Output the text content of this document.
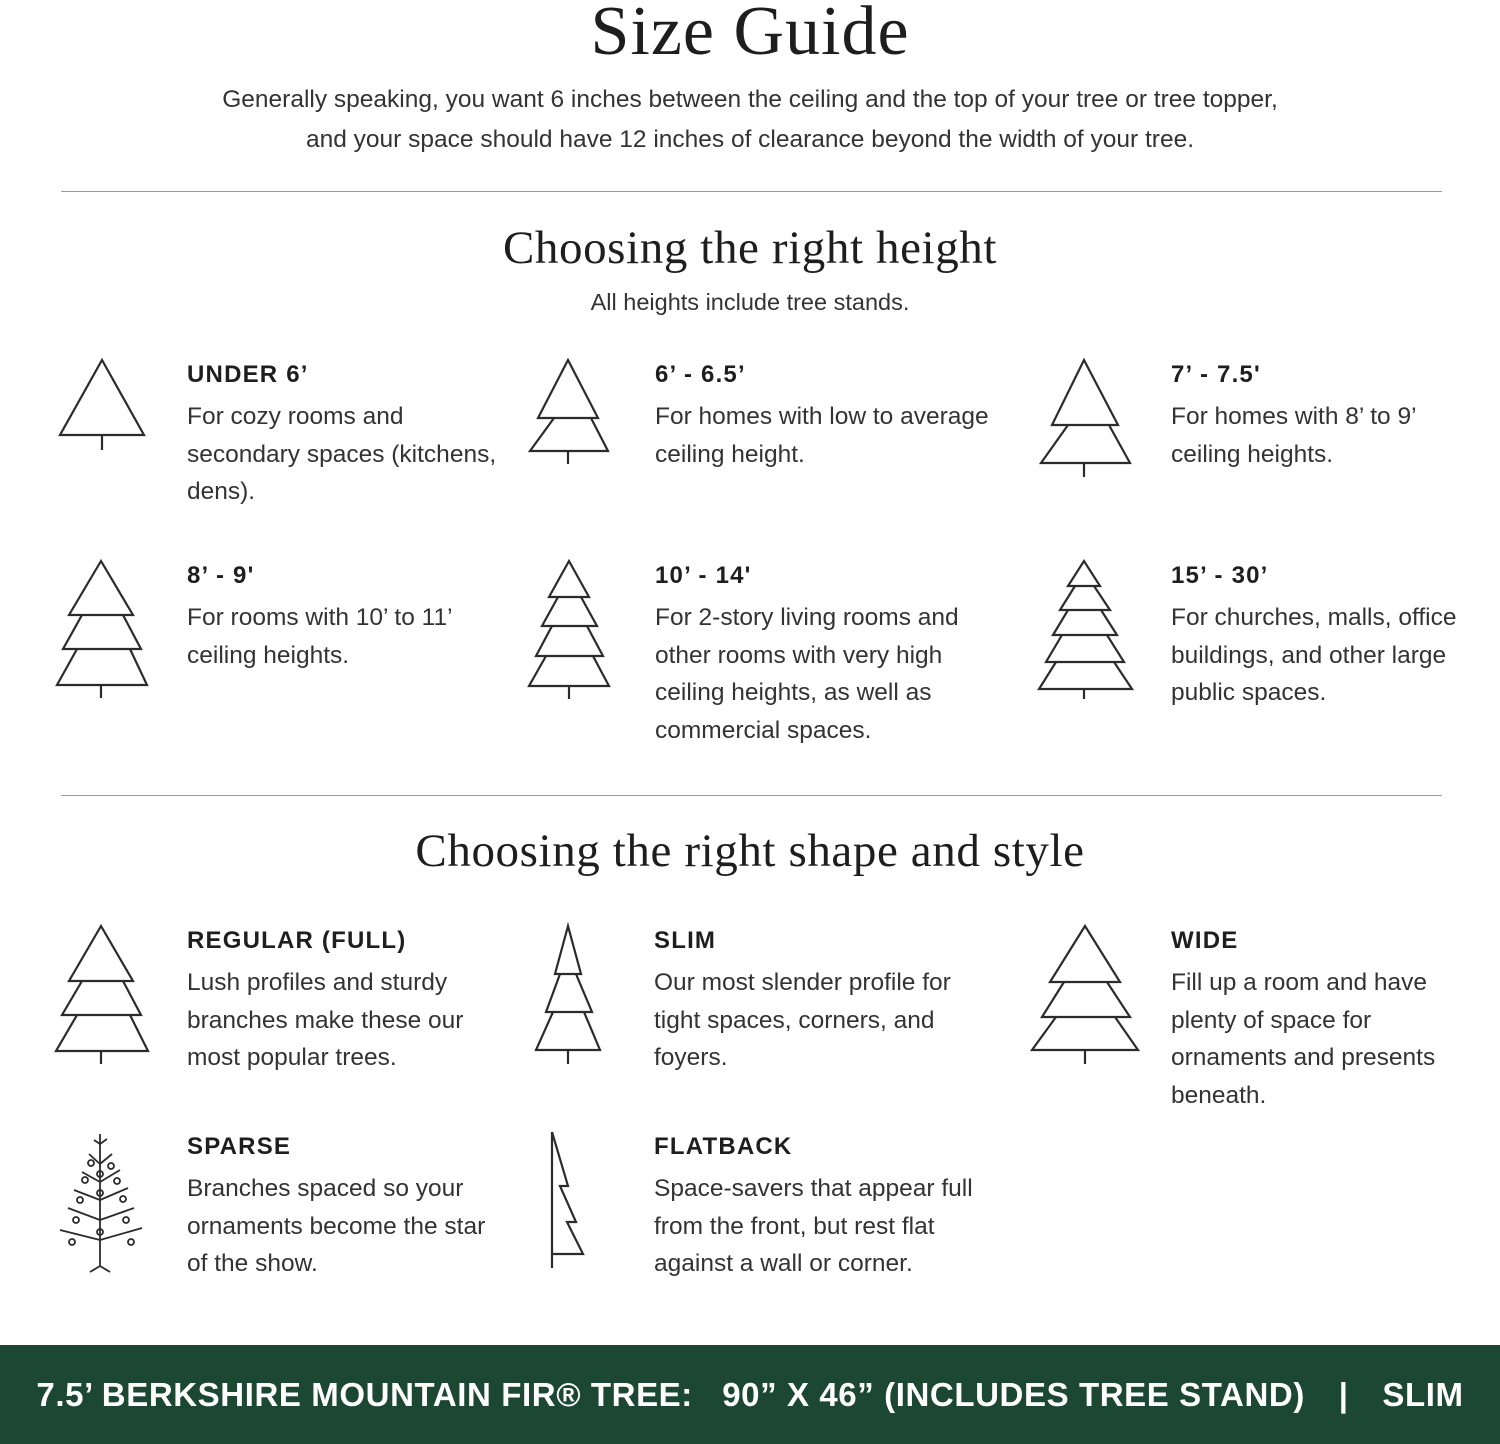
Size Guide

Generally speaking, you want 6 inches between the ceiling and the top of your tree or tree topper, and your space should have 12 inches of clearance beyond the width of your tree.

Choosing the right height

All heights include tree stands.

UNDER 6’

For cozy rooms and secondary spaces (kitchens, dens).

6’ - 6.5’

For homes with low to average ceiling height.

7’ - 7.5'

For homes with 8’ to 9’ ceiling heights.

8’ - 9'

For rooms with 10’ to 11’ ceiling heights.

10’ - 14'

For 2-story living rooms and other rooms with very high ceiling heights, as well as commercial spaces.

15’ - 30’

For churches, malls, office buildings, and other large public spaces.

Choosing the right shape and style

REGULAR (FULL)

Lush profiles and sturdy branches make these our most popular trees.

SLIM

Our most slender profile for tight spaces, corners, and foyers.

WIDE

Fill up a room and have plenty of space for ornaments and presents beneath.

SPARSE

Branches spaced so your ornaments become the star of the show.

FLATBACK

Space-savers that appear full from the front, but rest flat against a wall or corner.

7.5’ BERKSHIRE MOUNTAIN FIR® TREE: 90” X 46” (INCLUDES TREE STAND) | SLIM
